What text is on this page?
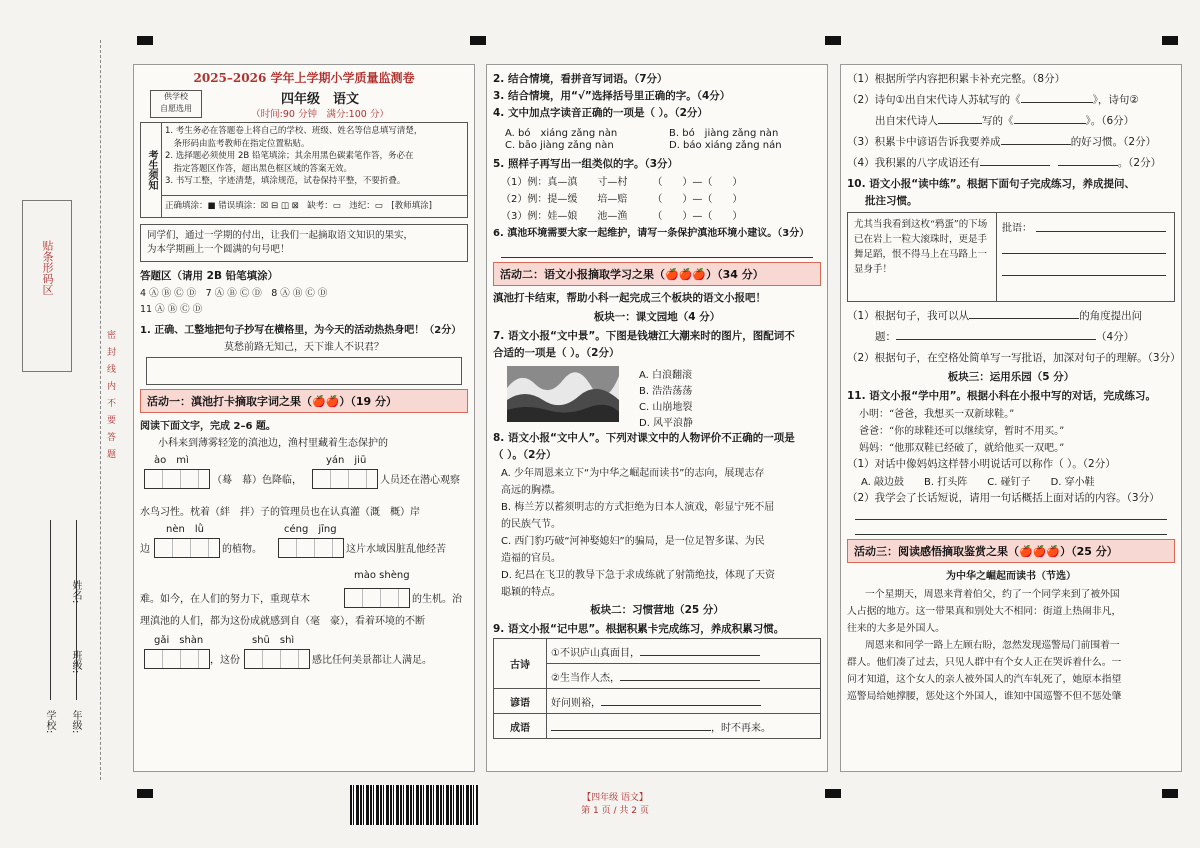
贴条形码区
密封线内不要答题
学校: 年级:
班级:
姓名:
2025–2026 学年上学期小学质量监测卷
供学校
自愿选用
四年级　语文
（时间:90 分钟　满分:100 分）
考生须知
1. 考生务必在答题卷上将自己的学校、班级、姓名等信息填写清楚，
　条形码由监考教师在指定位置粘贴。
2. 选择题必须使用 2B 铅笔填涂；其余用黑色碳素笔作答，务必在
　指定答题区作答，超出黑色框区域的答案无效。
3. 书写工整，字迹清楚，填涂规范，试卷保持平整，不要折叠。
正确填涂：■ 错误填涂：☒ ⊟ ◫ ⊠　缺考：▭　违纪：▭　[教师填涂]
同学们，通过一学期的付出，让我们一起摘取语文知识的果实，
为本学期画上一个圆满的句号吧！
答题区（请用 2B 铅笔填涂）
4 Ⓐ Ⓑ Ⓒ Ⓓ　7 Ⓐ Ⓑ Ⓒ Ⓓ　8 Ⓐ Ⓑ Ⓒ Ⓓ
11 Ⓐ Ⓑ Ⓒ Ⓓ
1. 正确、工整地把句子抄写在横格里，为今天的活动热热身吧！（2分）
莫愁前路无知己，天下谁人不识君？
活动一：滇池打卡摘取字词之果（🍎🍎）（19 分）
阅读下面文字，完成 2–6 题。
小科来到薄雾轻笼的滇池边，渔村里藏着生态保护的
ào　mì
（蓦　幕）色降临，
yán　jiū
人员还在潜心观察
水鸟习性。枕着（絆　拌）子的管理员也在认真灌（溉　概）岸
nèn　lǜ
边	的植物。
céng　jīng
这片水域因脏乱他经苦
mào shèng
难。如今，在人们的努力下，重现草木	的生机。治
理滇池的人们，都为这份成就感到自（毫　豪），看着环境的不断
gǎi　shàn
，这份
shū　shì
感比任何美景都让人满足。
2. 结合情境，看拼音写词语。（7分）
3. 结合情境，用“√”选择括号里正确的字。（4分）
4. 文中加点字读音正确的一项是（ ）。（2分）
A. bó　xiáng zǎng nàn	B. bó　jiàng zǎng nàn
C. bāo jiàng zǎng nàn	D. báo xiáng zǎng nán
5. 照样子再写出一组类似的字。（3分）
（1）例：真—滇　　寸—村　　　（　　）—（　　）
（2）例：提—缓　　培—赔　　　（　　）—（　　）
（3）例：娃—娘　　池—渔　　　（　　）—（　　）
6. 滇池环境需要大家一起维护，请写一条保护滇池环境小建议。（3分）
活动二：语文小报摘取学习之果（🍎🍎🍎）（34 分）
滇池打卡结束，帮助小科一起完成三个板块的语文小报吧！
板块一：课文园地（4 分）
7. 语文小报“文中景”。下图是钱塘江大潮来时的图片，图配词不
合适的一项是（ ）。（2分）
A. 白浪翻滚
B. 浩浩荡荡
C. 山崩地裂
D. 风平浪静
8. 语文小报“文中人”。下列对课文中的人物评价不正确的一项是
（ ）。（2分）
A. 少年周恩来立下“为中华之崛起而读书”的志向，展现志存
高远的胸襟。
B. 梅兰芳以蓄须明志的方式拒绝为日本人演戏，彰显宁死不屈
的民族气节。
C. 西门豹巧破“河神娶媳妇”的骗局，是一位足智多谋、为民
造福的官员。
D. 纪昌在飞卫的教导下急于求成练就了射箭绝技，体现了天资
聪颖的特点。
板块二：习惯营地（25 分）
9. 语文小报“记中思”。根据积累卡完成练习，养成积累习惯。
古诗	①不识庐山真面目，
	②生当作人杰，
谚语	好问则裕，
成语	，时不再来。
（1）根据所学内容把积累卡补充完整。（8分）
（2）诗句①出自宋代诗人苏轼写的《	》，诗句②
出自宋代诗人	写的《	》。（6分）
（3）积累卡中谚语告诉我要养成	的好习惯。（2分）
（4）我积累的八字成语还有	。（2分）
10. 语文小报“读中练”。根据下面句子完成练习，养成提问、
批注习惯。
尤其当我看到这枚“鸦蛋”的下场已在岩上一粒大滚珠时，更是手舞足蹈，恨不得马上在马路上一显身手！
批语：
（1）根据句子，我可以从	的角度提出问
题：	（4分）
（2）根据句子，在空格处简单写一写批语，加深对句子的理解。（3分）
板块三：运用乐园（5 分）
11. 语文小报“学中用”。根据小科在小报中写的对话，完成练习。
小明：“爸爸，我想买一双新球鞋。”
爸爸：“你的球鞋还可以继续穿，暂时不用买。”
妈妈：“他那双鞋已经破了，就给他买一双吧。”
（1）对话中像妈妈这样替小明说话可以称作（ ）。（2分）
A. 敲边鼓　　B. 打头阵　　C. 碰钉子　　D. 穿小鞋
（2）我学会了长话短说，请用一句话概括上面对话的内容。（3分）
活动三：阅读感悟摘取鉴赏之果（🍎🍎🍎）（25 分）
为中华之崛起而读书（节选）
一个星期天，周恩来背着伯父，约了一个同学来到了被外国
人占据的地方。这一带果真和别处大不相同：街道上热闹非凡，
往来的大多是外国人。
周恩来和同学一路上左顾右盼，忽然发现巡警局门前围着一
群人。他们凑了过去，只见人群中有个女人正在哭诉着什么。一
问才知道，这个女人的亲人被外国人的汽车轧死了，她原本指望
巡警局给她撑腰，惩处这个外国人，谁知中国巡警不但不惩处肇
【四年级 语文】
第 1 页 / 共 2 页
